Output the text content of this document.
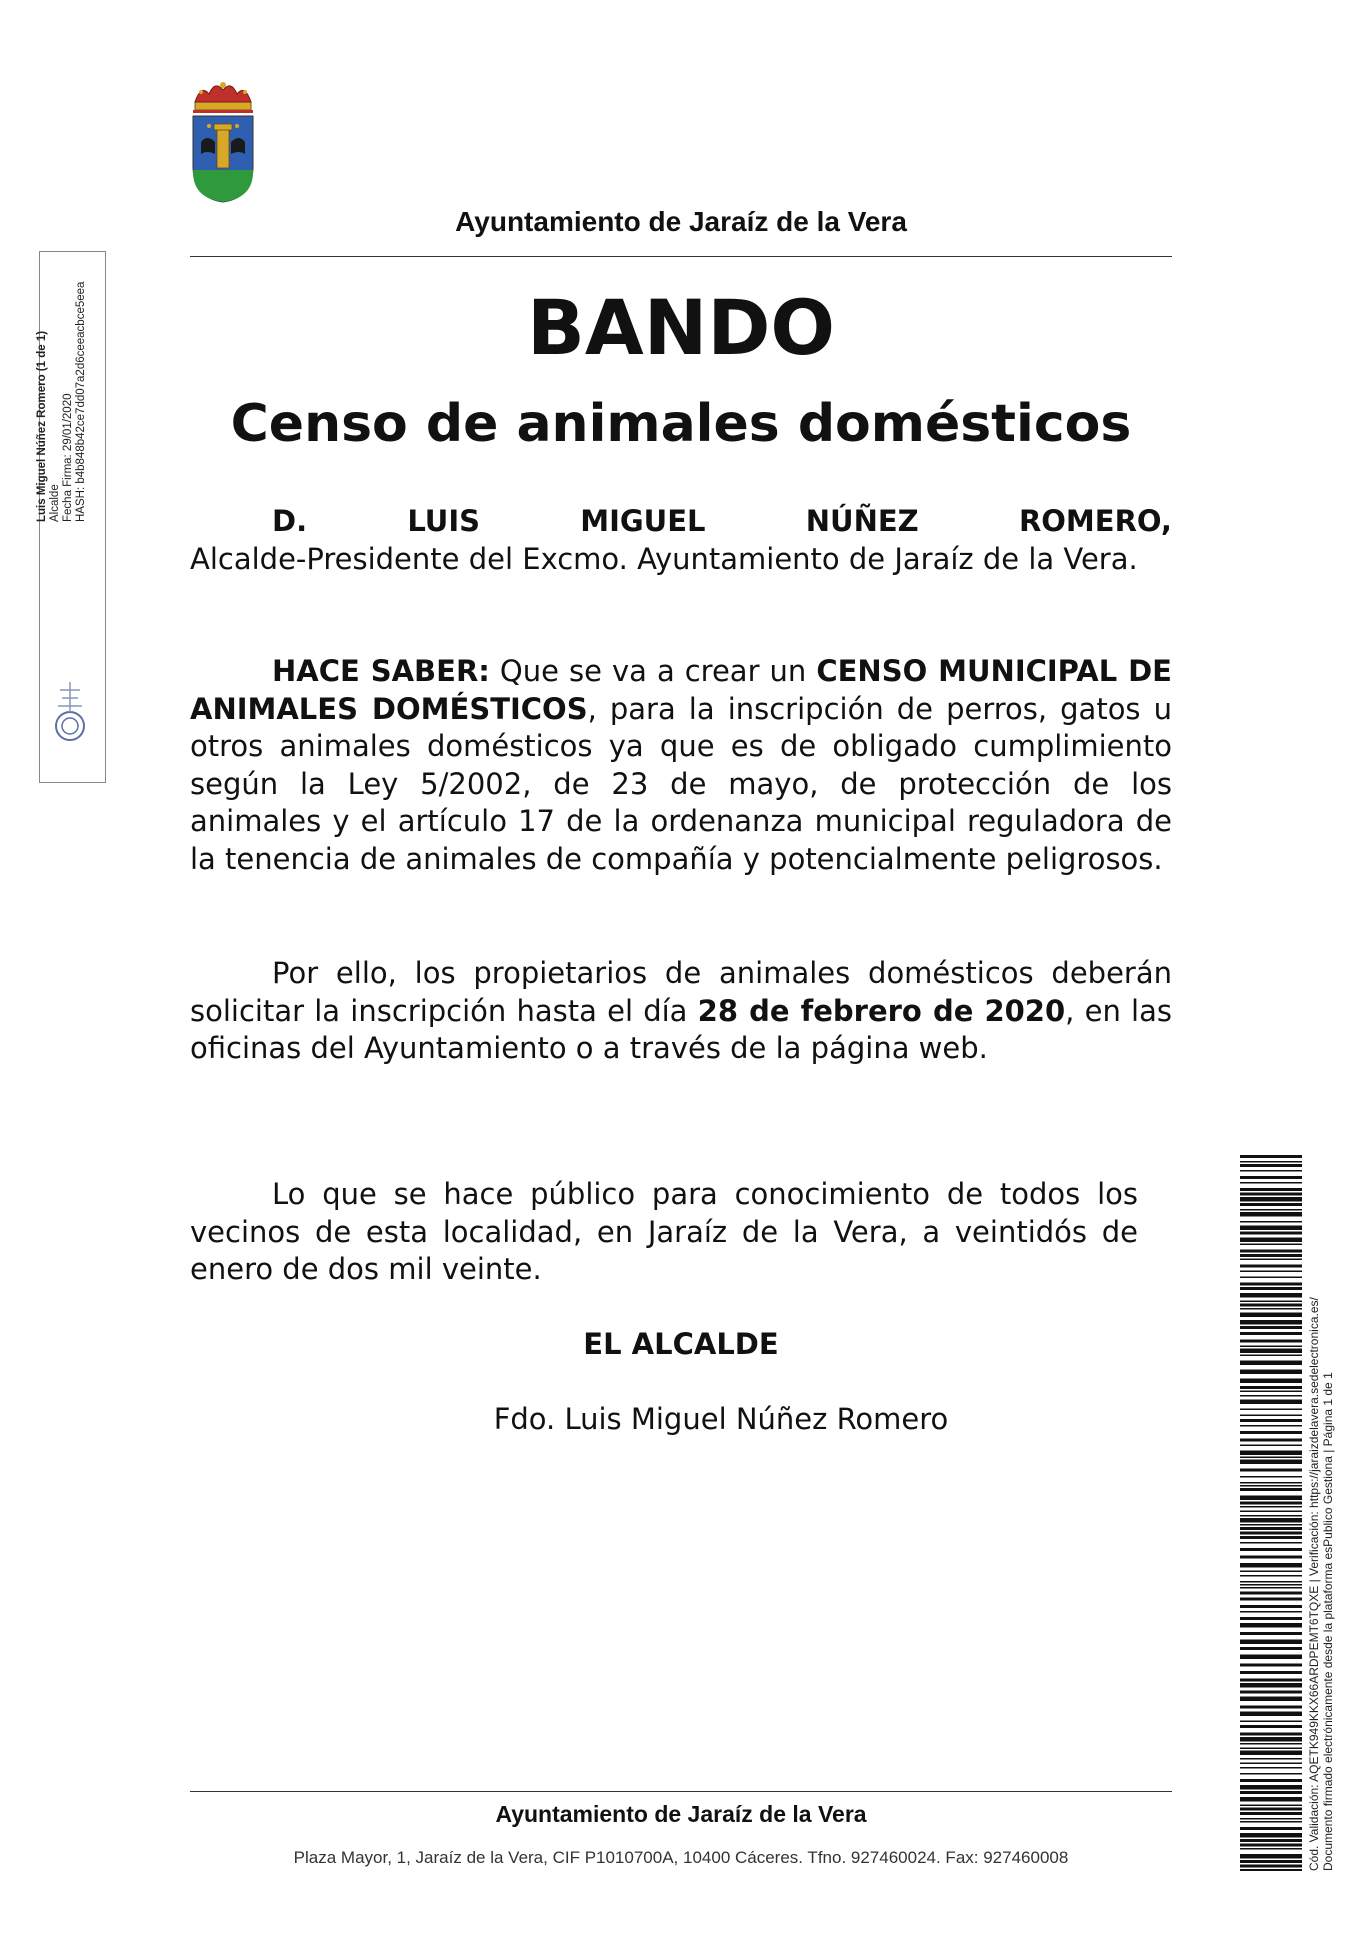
Ayuntamiento de Jaraíz de la Vera
BANDO
Censo de animales domésticos
D.	LUIS	MIGUEL	NÚÑEZ	ROMERO,
Alcalde-Presidente del Excmo. Ayuntamiento de Jaraíz de la Vera.
HACE SABER: Que se va a crear un CENSO MUNICIPAL DE ANIMALES DOMÉSTICOS, para la inscripción de perros, gatos u otros animales domésticos ya que es de obligado cumplimiento según la Ley 5/2002, de 23 de mayo, de protección de los animales y el artículo 17 de la ordenanza municipal reguladora de la tenencia de animales de compañía y potencialmente peligrosos.
Por ello, los propietarios de animales domésticos deberán solicitar la inscripción hasta el día 28 de febrero de 2020, en las oficinas del Ayuntamiento o a través de la página web.
Lo que se hace público para conocimiento de todos los vecinos de esta localidad, en Jaraíz de la Vera, a veintidós de enero de dos mil veinte.
EL ALCALDE
Fdo. Luis Miguel Núñez Romero
Ayuntamiento de Jaraíz de la Vera
Plaza Mayor, 1, Jaraíz de la Vera, CIF P1010700A, 10400 Cáceres. Tfno. 927460024. Fax: 927460008
Luis Miguel Núñez Romero (1 de 1) Alcalde Fecha Firma: 29/01/2020 HASH: b4b848b42ce7dd07a2d6ceeacbce5eea
Cód. Validación: AQETK949KKX66ARDPEMT6TQXE | Verificación: https://jaraizdelavera.sedelectronica.es/ Documento firmado electrónicamente desde la plataforma esPublico Gestiona | Página 1 de 1
